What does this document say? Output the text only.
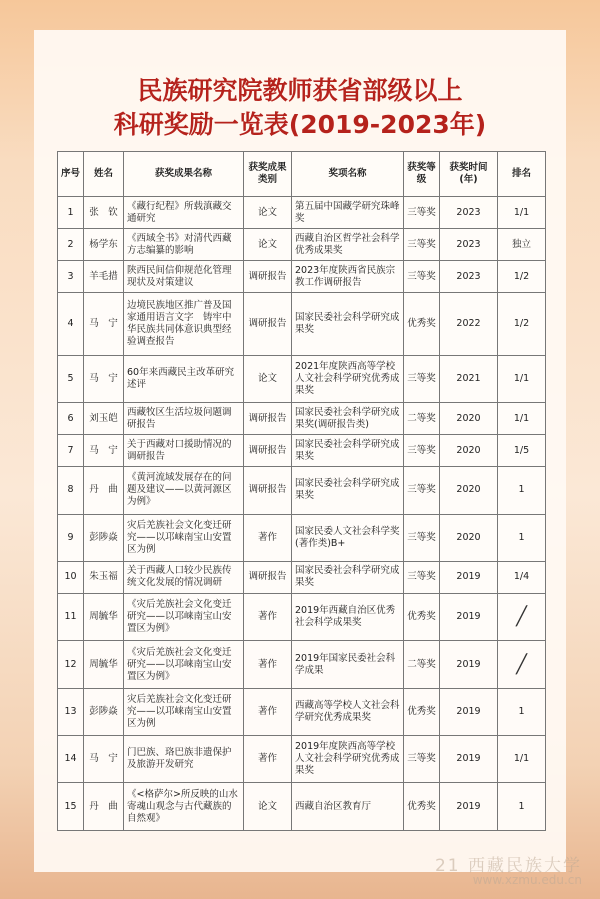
民族研究院教师获省部级以上
科研奖励一览表(2019-2023年)
序号	姓名	获奖成果名称	获奖成果类别	奖项名称	获奖等级	获奖时间(年)	排名
1	张　钦	《藏行纪程》所载滇藏交通研究	论文	第五届中国藏学研究珠峰奖	三等奖	2023	1/1
2	杨学东	《西域全书》对清代西藏方志编纂的影响	论文	西藏自治区哲学社会科学优秀成果奖	三等奖	2023	独立
3	羊毛措	陕西民间信仰规范化管理现状及对策建议	调研报告	2023年度陕西省民族宗教工作调研报告	三等奖	2023	1/2
4	马　宁	边境民族地区推广普及国家通用语言文字　铸牢中华民族共同体意识典型经验调查报告	调研报告	国家民委社会科学研究成果奖	优秀奖	2022	1/2
5	马　宁	60年来西藏民主改革研究述评	论文	2021年度陕西高等学校人文社会科学研究优秀成果奖	三等奖	2021	1/1
6	刘玉皑	西藏牧区生活垃圾问题调研报告	调研报告	国家民委社会科学研究成果奖(调研报告类)	二等奖	2020	1/1
7	马　宁	关于西藏对口援助情况的调研报告	调研报告	国家民委社会科学研究成果奖	三等奖	2020	1/5
8	丹　曲	《黄河流域发展存在的问题及建议——以黄河源区为例》	调研报告	国家民委社会科学研究成果奖	三等奖	2020	1
9	彭陟焱	灾后羌族社会文化变迁研究——以邛崃南宝山安置区为例	著作	国家民委人文社会科学奖(著作类)B+	三等奖	2020	1
10	朱玉福	关于西藏人口较少民族传统文化发展的情况调研	调研报告	国家民委社会科学研究成果奖	三等奖	2019	1/4
11	周毓华	《灾后羌族社会文化变迁研究——以邛崃南宝山安置区为例》	著作	2019年西藏自治区优秀社会科学成果奖	优秀奖	2019	╱
12	周毓华	《灾后羌族社会文化变迁研究——以邛崃南宝山安置区为例》	著作	2019年国家民委社会科学成果	二等奖	2019	╱
13	彭陟焱	灾后羌族社会文化变迁研究——以邛崃南宝山安置区为例	著作	西藏高等学校人文社会科学研究优秀成果奖	优秀奖	2019	1
14	马　宁	门巴族、珞巴族非遗保护及旅游开发研究	著作	2019年度陕西高等学校人文社会科学研究优秀成果奖	三等奖	2019	1/1
15	丹　曲	《<格萨尔>所反映的山水寄魂山观念与古代藏族的自然观》	论文	西藏自治区教育厅	优秀奖	2019	1
21 西藏民族大学
www.xzmu.edu.cn
